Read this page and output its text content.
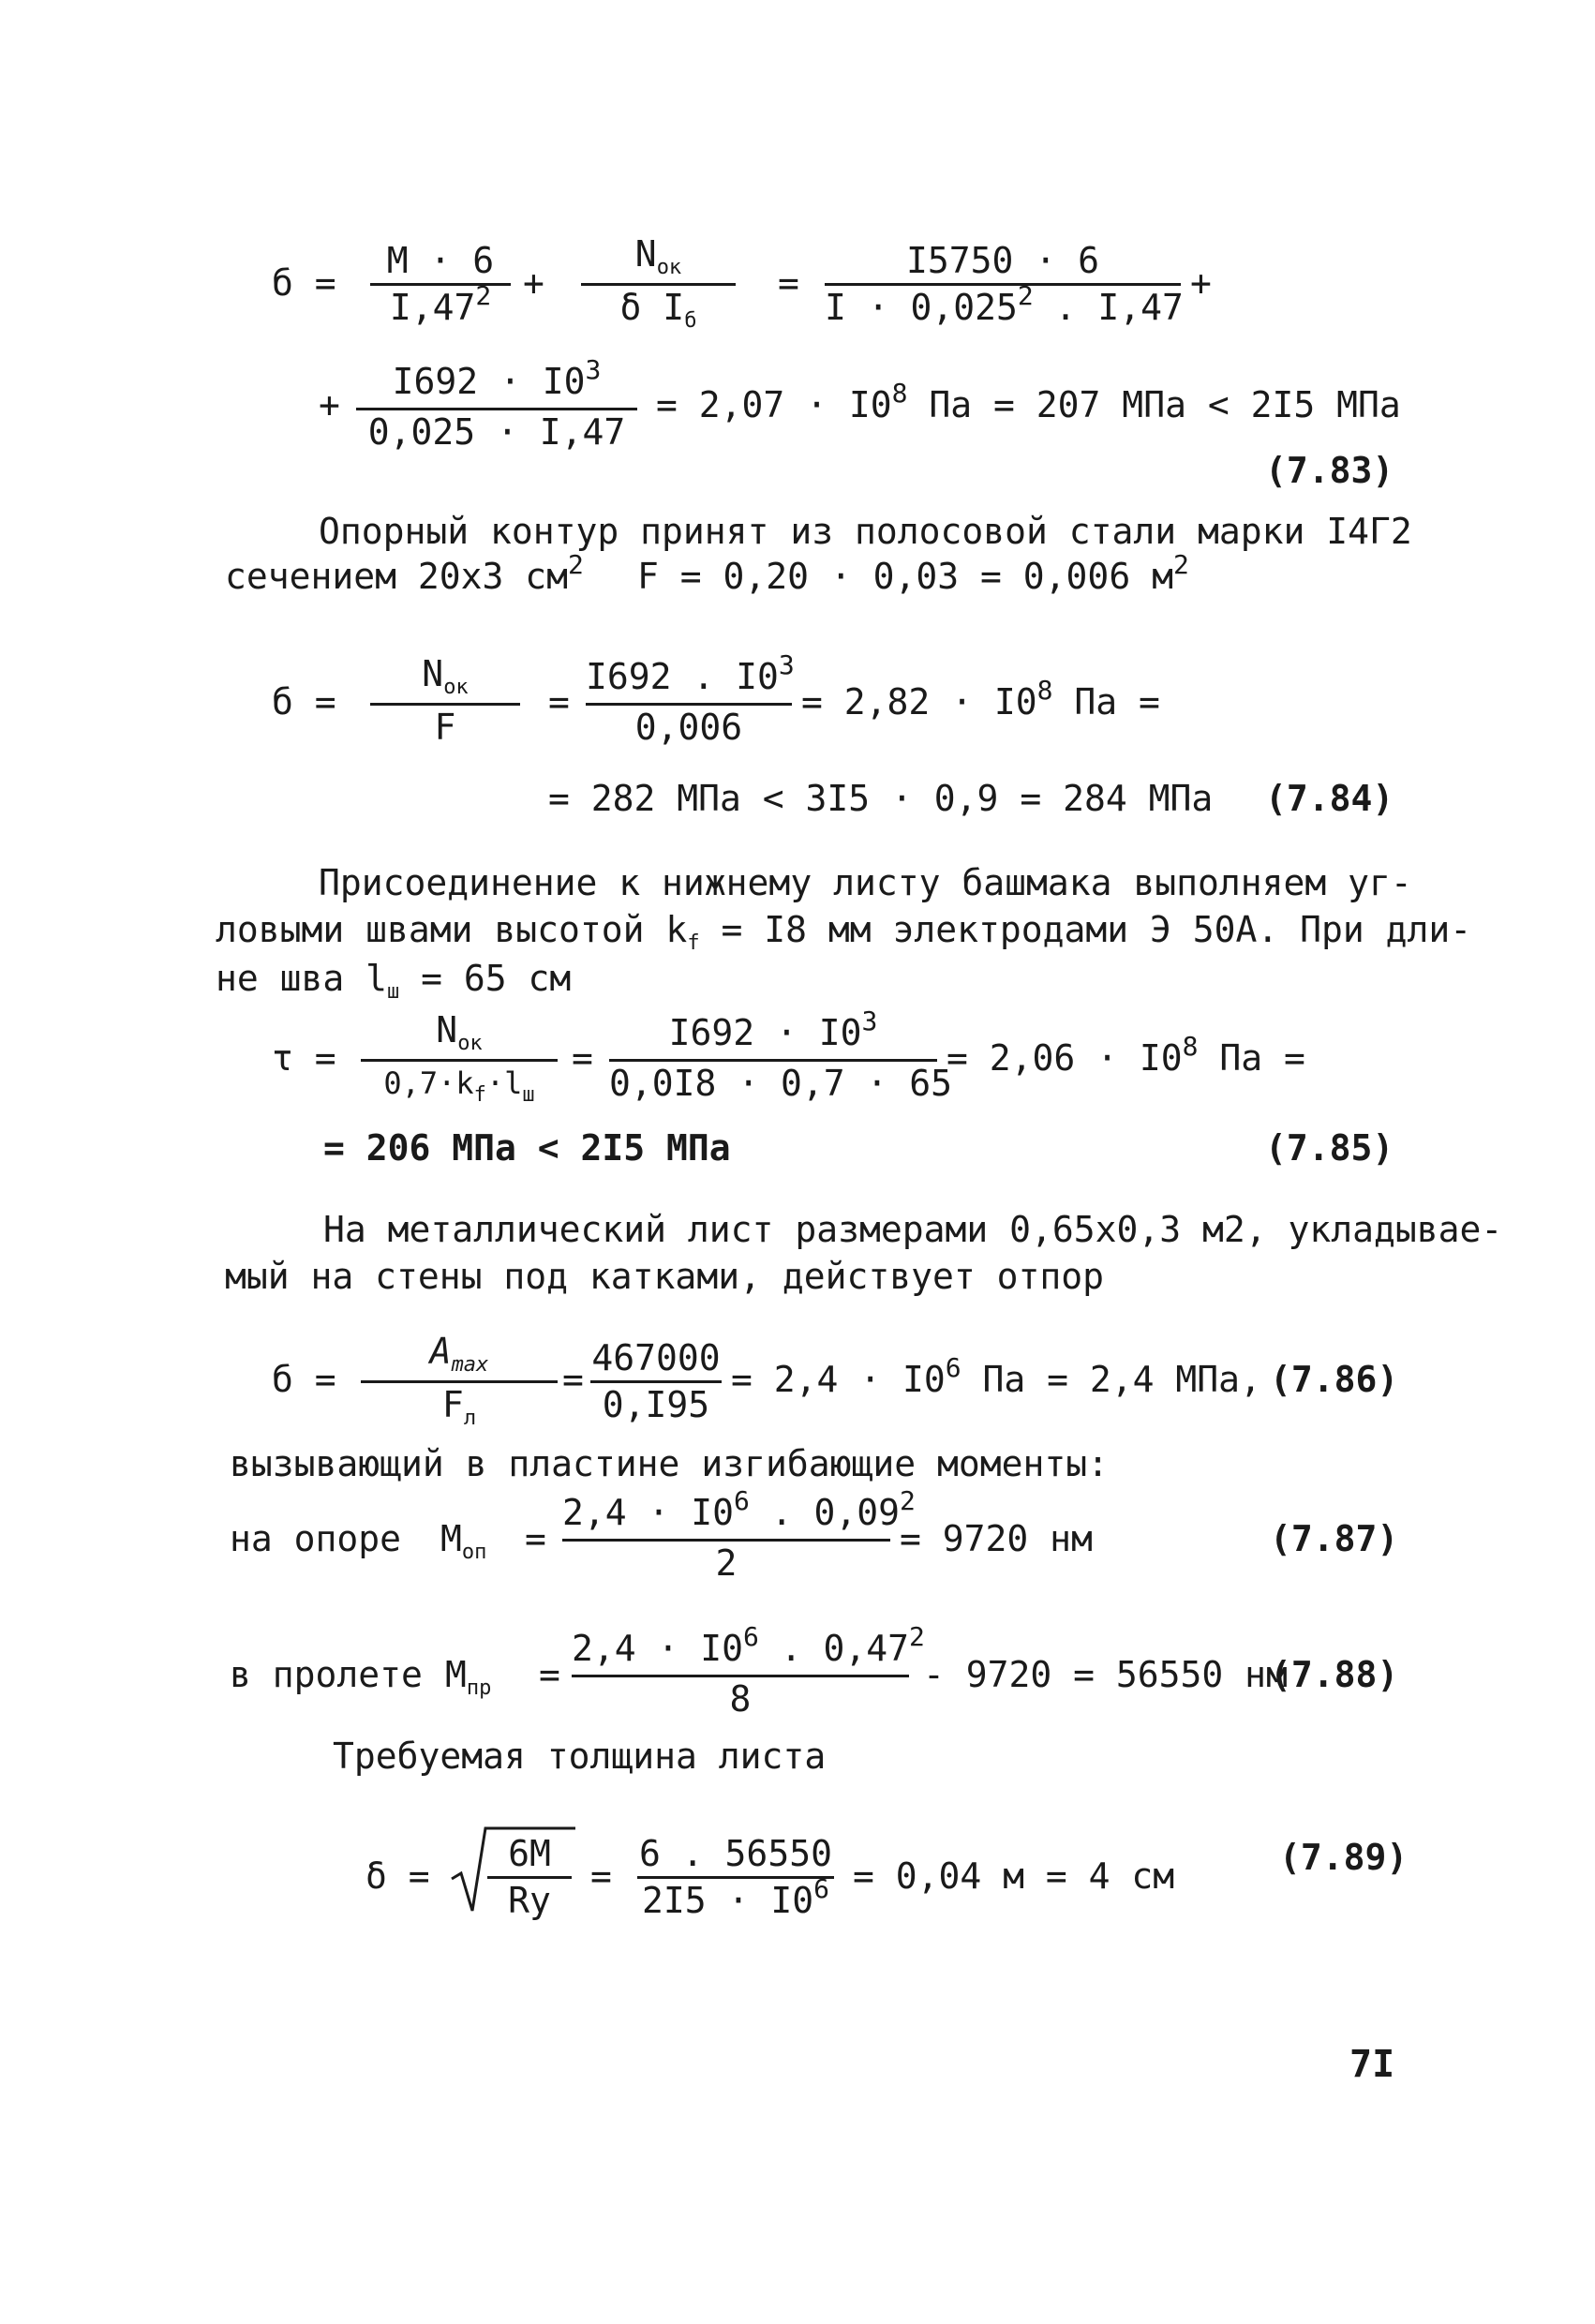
б =
М · 6
$I,47^2$ +
$N_{ок}$
δ $I_б$
=
I5750 · 6
$I \cdot 0,025^2$ . I,47
+
+
$I692 \cdot I0^3$
0,025 · I,47
= $2,07 \cdot I0^8$ Па = 207 МПа < 2I5 МПа
(7.83)
Опорный контур принят из полосовой стали марки I4Г2
сечением 20х3 $см^2$ F = 0,20 · 0,03 = 0,006 $м^2$
б =
$N_{ок}$
F
=
I692 . $I0^3$
0,006
= $2,82 \cdot I0^8$ Па =
= 282 МПа < 3I5 · 0,9 = 284 МПа (7.84)
Присоединение к нижнему листу башмака выполняем уг-
ловыми швами высотой $k_f = I8$ мм электродами Э 50А. При дли-
не шва $l_ш = 65$ см
τ =
$N_{ок}$
$0,7\cdot k_f\cdot l_ш$
=
$I692 \cdot I0^3$
0,0I8 · 0,7 · 65
= $2,06 \cdot I0^8$ Па =
= 206 МПа < 2I5 МПа	(7.85)
На металлический лист размерами 0,65х0,3 м2, укладывае-
мый на стены под катками, действует отпор
б =
$A_{max}$
$F_л$
=
467000
0,I95
= $2,4 \cdot I0^6$ Па = 2,4 МПа, (7.86)
вызывающий в пластине изгибающие моменты:
на опоре $M_{оп}$ =
$2,4 \cdot I0^6$ . 0,09$^2$
2
= 9720 нм	(7.87)
в пролете $M_{пр}$ =
$2,4 \cdot I0^6$ . 0,47$^2$
8
- 9720 = 56550 нм
(7.88)
Требуемая толщина листа
δ =
6M
Ry
=
6 . 56550
$2I5 \cdot I0^6 = 0,04$ м = 4 см	(7.89)
7I
